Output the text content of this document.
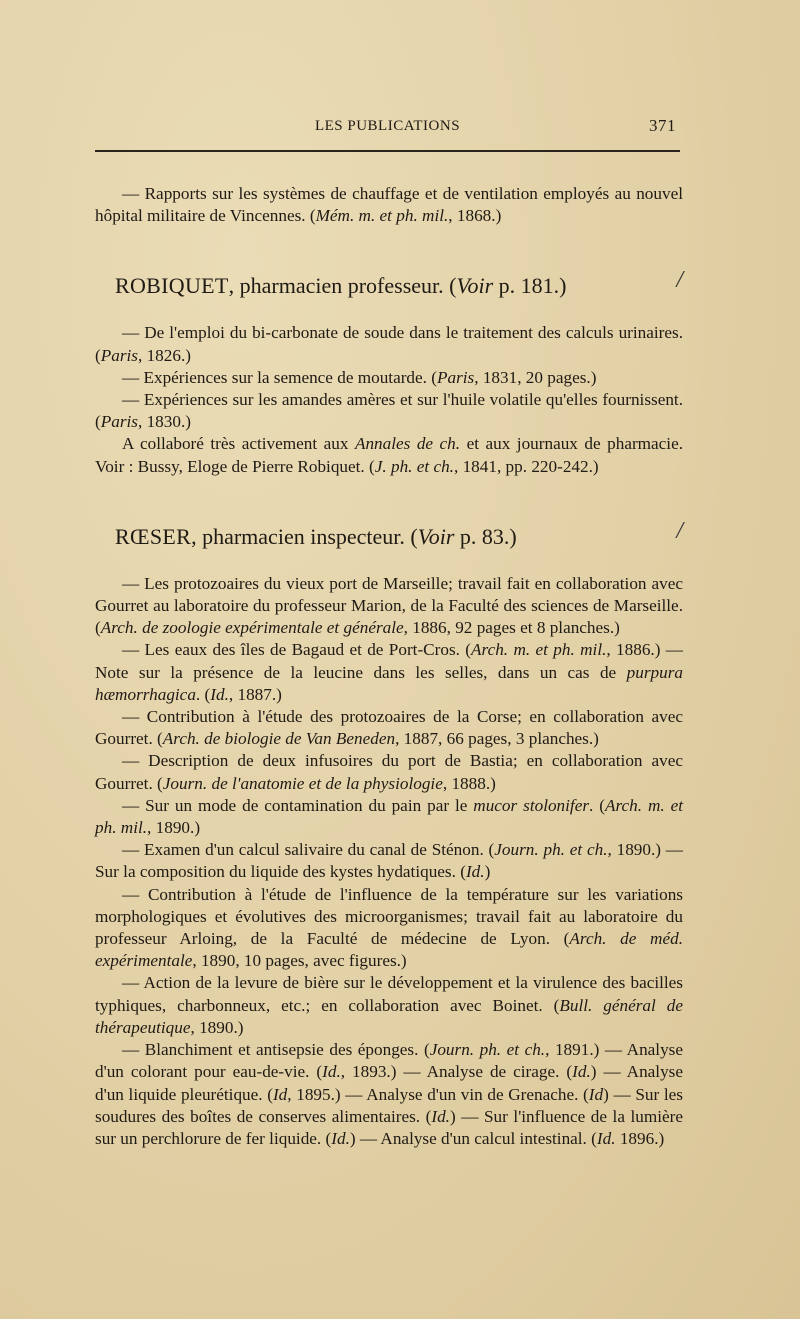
LES PUBLICATIONS	371

— Rapports sur les systèmes de chauffage et de ventilation employés au nouvel hôpital militaire de Vincennes. (Mém. m. et ph. mil., 1868.)

ROBIQUET, pharmacien professeur. (Voir p. 181.)	/

— De l'emploi du bi-carbonate de soude dans le traitement des calculs urinaires. (Paris, 1826.)

— Expériences sur la semence de moutarde. (Paris, 1831, 20 pages.)

— Expériences sur les amandes amères et sur l'huile volatile qu'elles fournissent. (Paris, 1830.)

A collaboré très activement aux Annales de ch. et aux journaux de pharmacie. Voir : Bussy, Eloge de Pierre Robiquet. (J. ph. et ch., 1841, pp. 220-242.)

RŒSER, pharmacien inspecteur. (Voir p. 83.)	/

— Les protozoaires du vieux port de Marseille; travail fait en collaboration avec Gourret au laboratoire du professeur Marion, de la Faculté des sciences de Marseille. (Arch. de zoologie expérimentale et générale, 1886, 92 pages et 8 planches.)

— Les eaux des îles de Bagaud et de Port-Cros. (Arch. m. et ph. mil., 1886.) — Note sur la présence de la leucine dans les selles, dans un cas de purpura hæmorrhagica. (Id., 1887.)

— Contribution à l'étude des protozoaires de la Corse; en collaboration avec Gourret. (Arch. de biologie de Van Beneden, 1887, 66 pages, 3 planches.)

— Description de deux infusoires du port de Bastia; en collaboration avec Gourret. (Journ. de l'anatomie et de la physiologie, 1888.)

— Sur un mode de contamination du pain par le mucor stolonifer. (Arch. m. et ph. mil., 1890.)

— Examen d'un calcul salivaire du canal de Sténon. (Journ. ph. et ch., 1890.) — Sur la composition du liquide des kystes hydatiques. (Id.)

— Contribution à l'étude de l'influence de la température sur les variations morphologiques et évolutives des microorganismes; travail fait au laboratoire du professeur Arloing, de la Faculté de médecine de Lyon. (Arch. de méd. expérimentale, 1890, 10 pages, avec figures.)

— Action de la levure de bière sur le développement et la virulence des bacilles typhiques, charbonneux, etc.; en collaboration avec Boinet. (Bull. général de thérapeutique, 1890.)

— Blanchiment et antisepsie des éponges. (Journ. ph. et ch., 1891.) — Analyse d'un colorant pour eau-de-vie. (Id., 1893.) — Analyse de cirage. (Id.) — Analyse d'un liquide pleurétique. (Id, 1895.) — Analyse d'un vin de Grenache. (Id) — Sur les soudures des boîtes de conserves alimentaires. (Id.) — Sur l'influence de la lumière sur un perchlorure de fer liquide. (Id.) — Analyse d'un calcul intestinal. (Id. 1896.)
